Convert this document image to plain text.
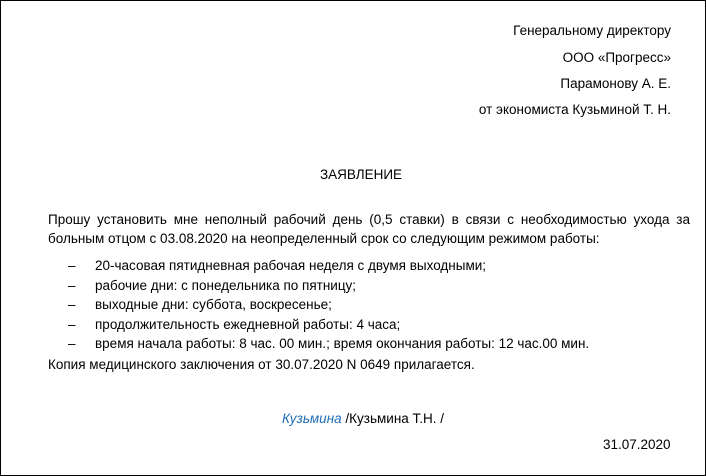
Генеральному директору
ООО «Прогресс»
Парамонову А. Е.
от экономиста Кузьминой Т. Н.
ЗАЯВЛЕНИЕ
Прошу установить мне неполный рабочий день (0,5 ставки) в связи с необходимостью ухода за больным отцом с 03.08.2020 на неопределенный срок со следующим режимом работы:
– 20-часовая пятидневная рабочая неделя с двумя выходными;
– рабочие дни: с понедельника по пятницу;
– выходные дни: суббота, воскресенье;
– продолжительность ежедневной работы: 4 часа;
– время начала работы: 8 час. 00 мин.; время окончания работы: 12 час.00 мин.
Копия медицинского заключения от 30.07.2020 N 0649 прилагается.
Кузьмина /Кузьмина Т.Н. /
31.07.2020
